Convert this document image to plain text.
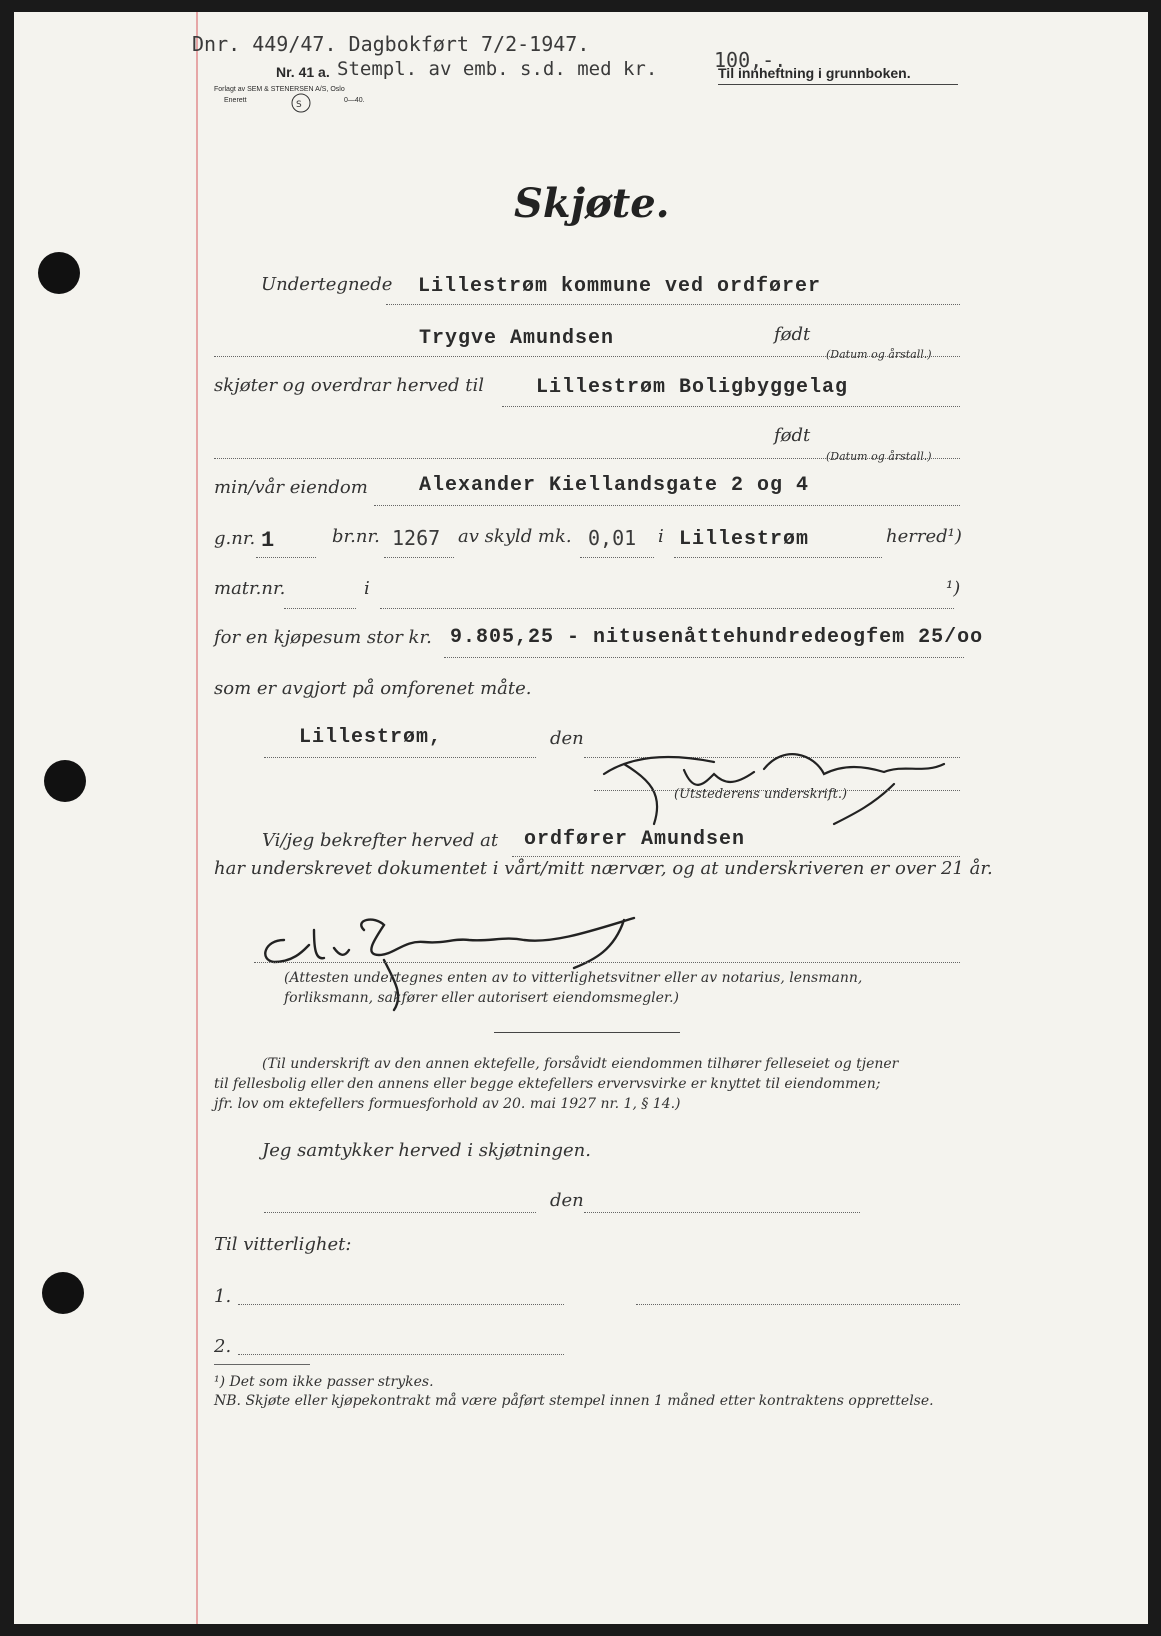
Dnr. 449/47. Dagbokført 7/2-1947.
100,-.
Nr. 41 a. Stempl. av emb. s.d. med kr.	Til innheftning i grunnboken.
Forlagt av SEM & STENERSEN A/S, Oslo
Enerett	0—40.
S
Skjøte.
Undertegnede Lillestrøm kommune ved ordfører
Trygve Amundsen	født
(Datum og årstall.)
skjøter og overdrar herved til	Lillestrøm Boligbyggelag
født
(Datum og årstall.)
min/vår eiendom	Alexander Kiellandsgate 2 og 4
g.nr. 1	br.nr. 1267 av skyld mk. 0,01 i Lillestrøm	herred¹)
matr.nr.	i	¹)
for en kjøpesum stor kr. 9.805,25 - nitusenåttehundredeogfem 25/oo
som er avgjort på omforenet måte.
Lillestrøm,	den
(Utstederens underskrift.)
Vi/jeg bekrefter herved at ordfører Amundsen
har underskrevet dokumentet i vårt/mitt nærvær, og at underskriveren er over 21 år.
(Attesten undertegnes enten av to vitterlighetsvitner eller av notarius, lensmann,
forliksmann, sakfører eller autorisert eiendomsmegler.)
(Til underskrift av den annen ektefelle, forsåvidt eiendommen tilhører felleseiet og tjener
til fellesbolig eller den annens eller begge ektefellers ervervsvirke er knyttet til eiendommen;
jfr. lov om ektefellers formuesforhold av 20. mai 1927 nr. 1, § 14.)
Jeg samtykker herved i skjøtningen.
den
Til vitterlighet:
1.
2.
¹) Det som ikke passer strykes.
NB. Skjøte eller kjøpekontrakt må være påført stempel innen 1 måned etter kontraktens opprettelse.
